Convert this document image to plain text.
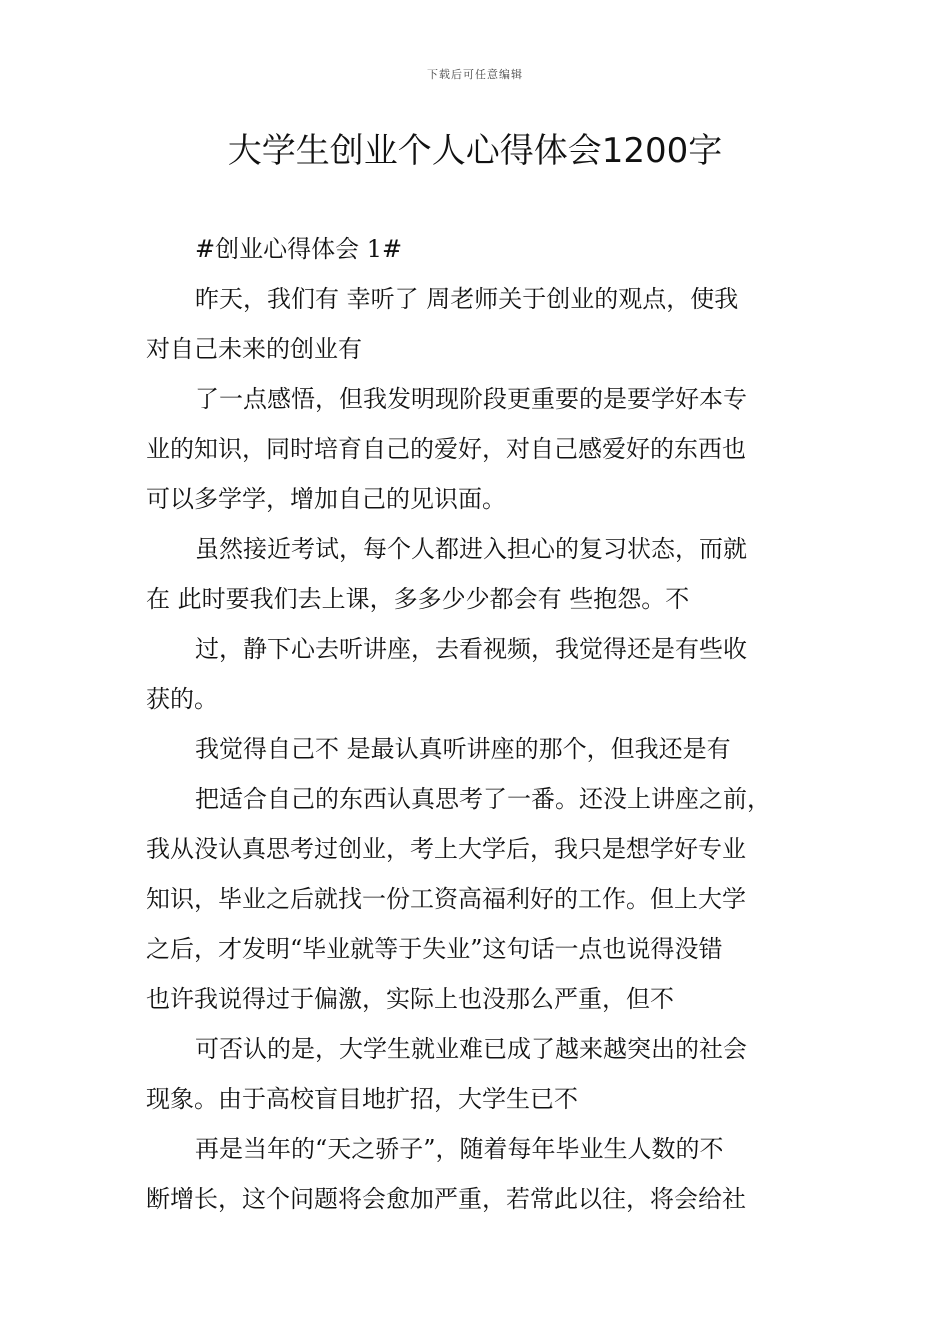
下载后可任意编辑
大学生创业个人心得体会1200字
#创业心得体会 1#
昨天，我们有 幸听了 周老师关于创业的观点，使我
对自己未来的创业有
了一点感悟，但我发明现阶段更重要的是要学好本专
业的知识，同时培育自己的爱好，对自己感爱好的东西也
可以多学学，增加自己的见识面。
虽然接近考试，每个人都进入担心的复习状态，而就
在 此时要我们去上课，多多少少都会有 些抱怨。不
过，静下心去听讲座，去看视频，我觉得还是有些收
获的。
我觉得自己不 是最认真听讲座的那个，但我还是有
把适合自己的东西认真思考了一番。还没上讲座之前，
我从没认真思考过创业，考上大学后，我只是想学好专业
知识，毕业之后就找一份工资高福利好的工作。但上大学
之后，才发明“毕业就等于失业”这句话一点也说得没错
也许我说得过于偏激，实际上也没那么严重，但不
可否认的是，大学生就业难已成了越来越突出的社会
现象。由于高校盲目地扩招，大学生已不
再是当年的“天之骄子”，随着每年毕业生人数的不
断增长，这个问题将会愈加严重，若常此以往，将会给社
